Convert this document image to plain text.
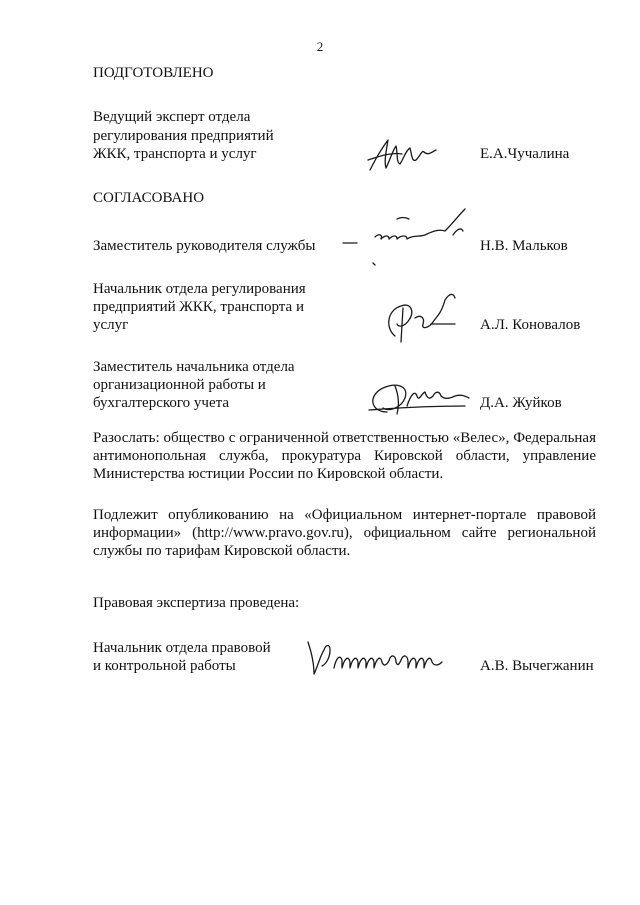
2
ПОДГОТОВЛЕНО
Ведущий эксперт отдела
регулирования предприятий
ЖКК, транспорта и услуг	Е.А.Чучалина
СОГЛАСОВАНО
Заместитель руководителя службы	Н.В. Мальков
Начальник отдела регулирования
предприятий ЖКК, транспорта и
услуг	А.Л. Коновалов
Заместитель начальника отдела
организационной работы и
бухгалтерского учета	Д.А. Жуйков
Разослать: общество с ограниченной ответственностью «Велес», Федеральная антимонопольная служба, прокуратура Кировской области, управление Министерства юстиции России по Кировской области.
Подлежит опубликованию на «Официальном интернет-портале правовой информации» (http://www.pravo.gov.ru), официальном сайте региональной службы по тарифам Кировской области.
Правовая экспертиза проведена:
Начальник отдела правовой
и контрольной работы	А.В. Вычегжанин
